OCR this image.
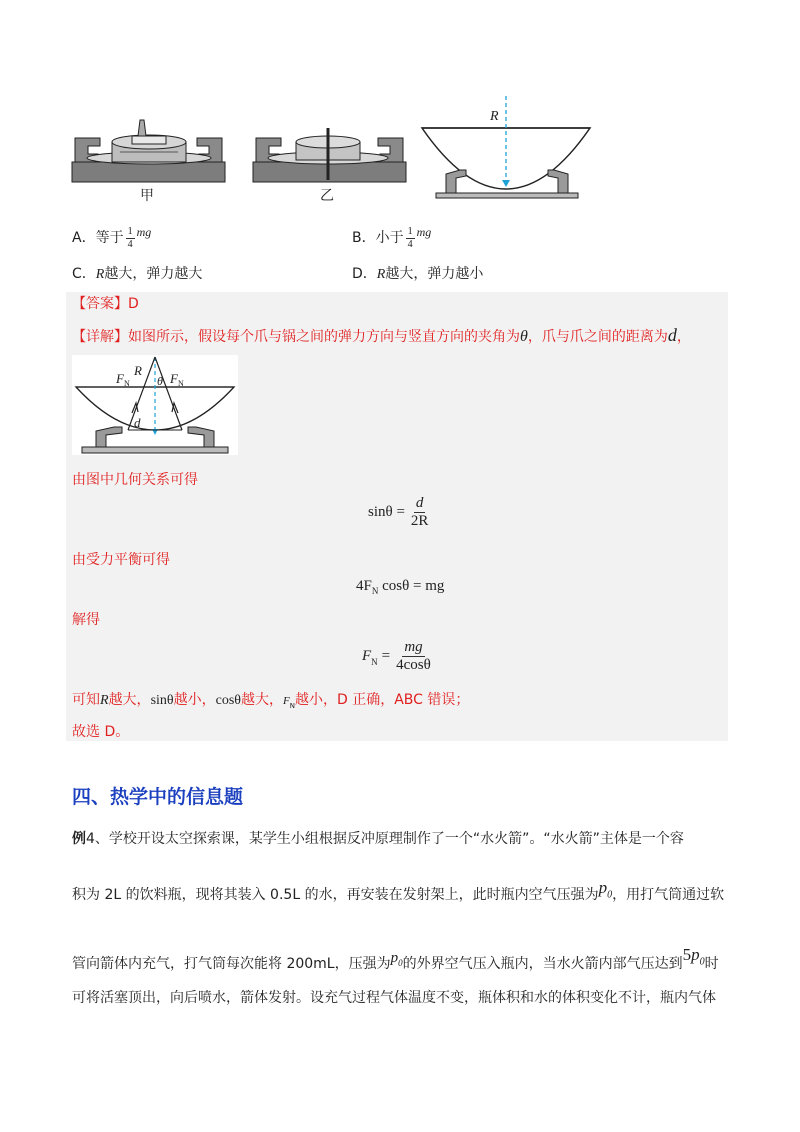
甲	乙
R
A．等于 $\frac{1}{4}$ mg	B．小于 $\frac{1}{4}$ mg
C．R越大，弹力越大	D．R越大，弹力越小
【答案】D
【详解】如图所示，假设每个爪与锅之间的弹力方向与竖直方向的夹角为θ，爪与爪之间的距离为d，
$F_N$	$F_N$
R
θ
d
由图中几何关系可得
$\sin\theta = \frac{d}{2R}$
由受力平衡可得
$4F_N$ cosθ = mg
解得
$F_N = \frac{mg}{4\cos\theta}$
可知R越大，sinθ越小，cosθ越大，$F_N$越小，D 正确，ABC 错误；
故选 D。
四、热学中的信息题
例4、学校开设太空探索课，某学生小组根据反冲原理制作了一个“水火箭”。“水火箭”主体是一个容
积为 2L 的饮料瓶，现将其装入 0.5L 的水，再安装在发射架上，此时瓶内空气压强为$p_0$，用打气筒通过软
管向箭体内充气，打气筒每次能将 200mL，压强为$p_0$的外界空气压入瓶内，当水火箭内部气压达到$5p_0$时
可将活塞顶出，向后喷水，箭体发射。设充气过程气体温度不变，瓶体积和水的体积变化不计，瓶内气体
